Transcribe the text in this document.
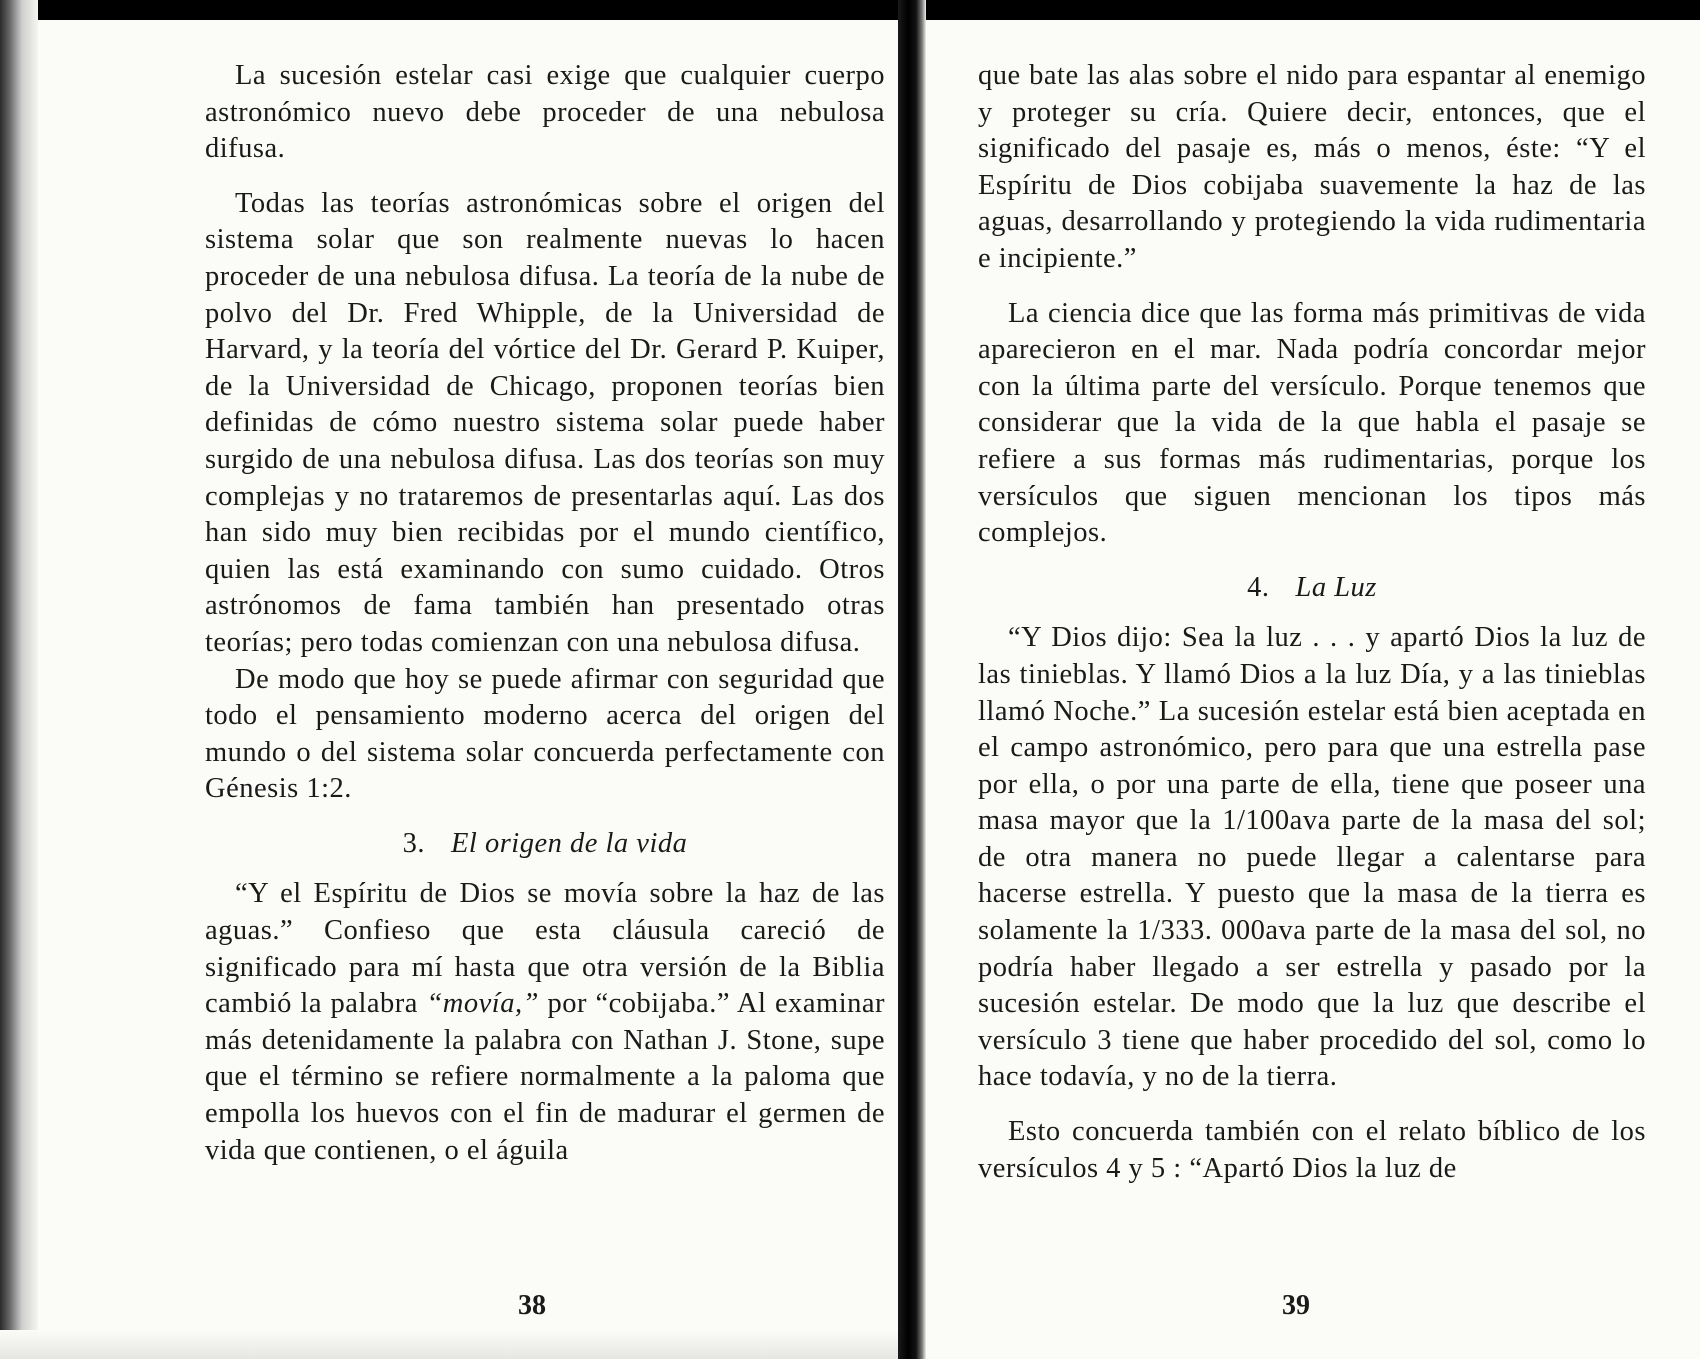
La sucesión estelar casi exige que cualquier cuerpo astronómico nuevo debe proceder de una nebulosa difusa.

Todas las teorías astronómicas sobre el origen del sistema solar que son realmente nuevas lo hacen proceder de una nebulosa difusa. La teoría de la nube de polvo del Dr. Fred Whipple, de la Universidad de Harvard, y la teoría del vórtice del Dr. Gerard P. Kuiper, de la Universidad de Chicago, proponen teorías bien definidas de cómo nuestro sistema solar puede haber surgido de una nebulosa difusa. Las dos teorías son muy complejas y no trataremos de presentarlas aquí. Las dos han sido muy bien recibidas por el mundo científico, quien las está examinando con sumo cuidado. Otros astrónomos de fama también han presentado otras teorías; pero todas comienzan con una nebulosa difusa.

De modo que hoy se puede afirmar con seguridad que todo el pensamiento moderno acerca del origen del mundo o del sistema solar concuerda perfectamente con Génesis 1:2.

3. El origen de la vida

“Y el Espíritu de Dios se movía sobre la haz de las aguas.” Confieso que esta cláusula careció de significado para mí hasta que otra versión de la Biblia cambió la palabra “movía,” por “cobijaba.” Al examinar más detenidamente la palabra con Nathan J. Stone, supe que el término se refiere normalmente a la paloma que empolla los huevos con el fin de madurar el germen de vida que contienen, o el águila

38

que bate las alas sobre el nido para espantar al enemigo y proteger su cría. Quiere decir, entonces, que el significado del pasaje es, más o menos, éste: “Y el Espíritu de Dios cobijaba suavemente la haz de las aguas, desarrollando y protegiendo la vida rudimentaria e incipiente.”

La ciencia dice que las forma más primitivas de vida aparecieron en el mar. Nada podría concordar mejor con la última parte del versículo. Porque tenemos que considerar que la vida de la que habla el pasaje se refiere a sus formas más rudimentarias, porque los versículos que siguen mencionan los tipos más complejos.

4. La Luz

“Y Dios dijo: Sea la luz . . . y apartó Dios la luz de las tinieblas. Y llamó Dios a la luz Día, y a las tinieblas llamó Noche.” La sucesión estelar está bien aceptada en el campo astronómico, pero para que una estrella pase por ella, o por una parte de ella, tiene que poseer una masa mayor que la 1/100ava parte de la masa del sol; de otra manera no puede llegar a calentarse para hacerse estrella. Y puesto que la masa de la tierra es solamente la 1/333. 000ava parte de la masa del sol, no podría haber llegado a ser estrella y pasado por la sucesión estelar. De modo que la luz que describe el versículo 3 tiene que haber procedido del sol, como lo hace todavía, y no de la tierra.

Esto concuerda también con el relato bíblico de los versículos 4 y 5 : “Apartó Dios la luz de

39
